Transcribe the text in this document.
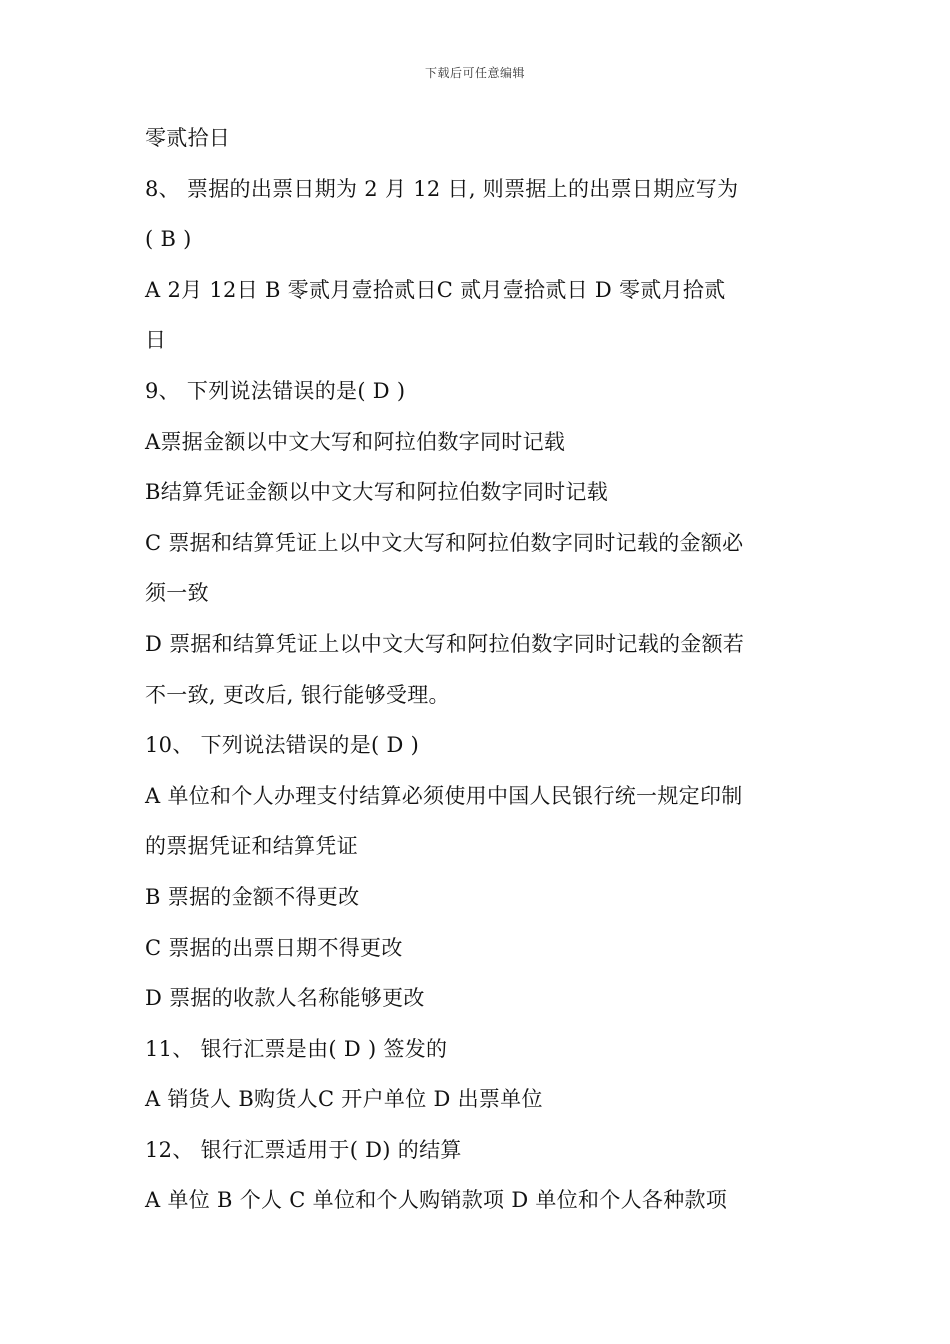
下载后可任意编辑
零贰拾日
8、 票据的出票日期为 2 月 12 日, 则票据上的出票日期应写为
( B )
A 2月 12日 B 零贰月壹拾贰日C 贰月壹拾贰日 D 零贰月拾贰
日
9、 下列说法错误的是( D )
A票据金额以中文大写和阿拉伯数字同时记载
B结算凭证金额以中文大写和阿拉伯数字同时记载
C 票据和结算凭证上以中文大写和阿拉伯数字同时记载的金额必
须一致
D 票据和结算凭证上以中文大写和阿拉伯数字同时记载的金额若
不一致, 更改后, 银行能够受理。
10、 下列说法错误的是( D )
A 单位和个人办理支付结算必须使用中国人民银行统一规定印制
的票据凭证和结算凭证
B 票据的金额不得更改
C 票据的出票日期不得更改
D 票据的收款人名称能够更改
11、 银行汇票是由( D ) 签发的
A 销货人 B购货人C 开户单位 D 出票单位
12、 银行汇票适用于( D) 的结算
A 单位 B 个人 C 单位和个人购销款项 D 单位和个人各种款项
